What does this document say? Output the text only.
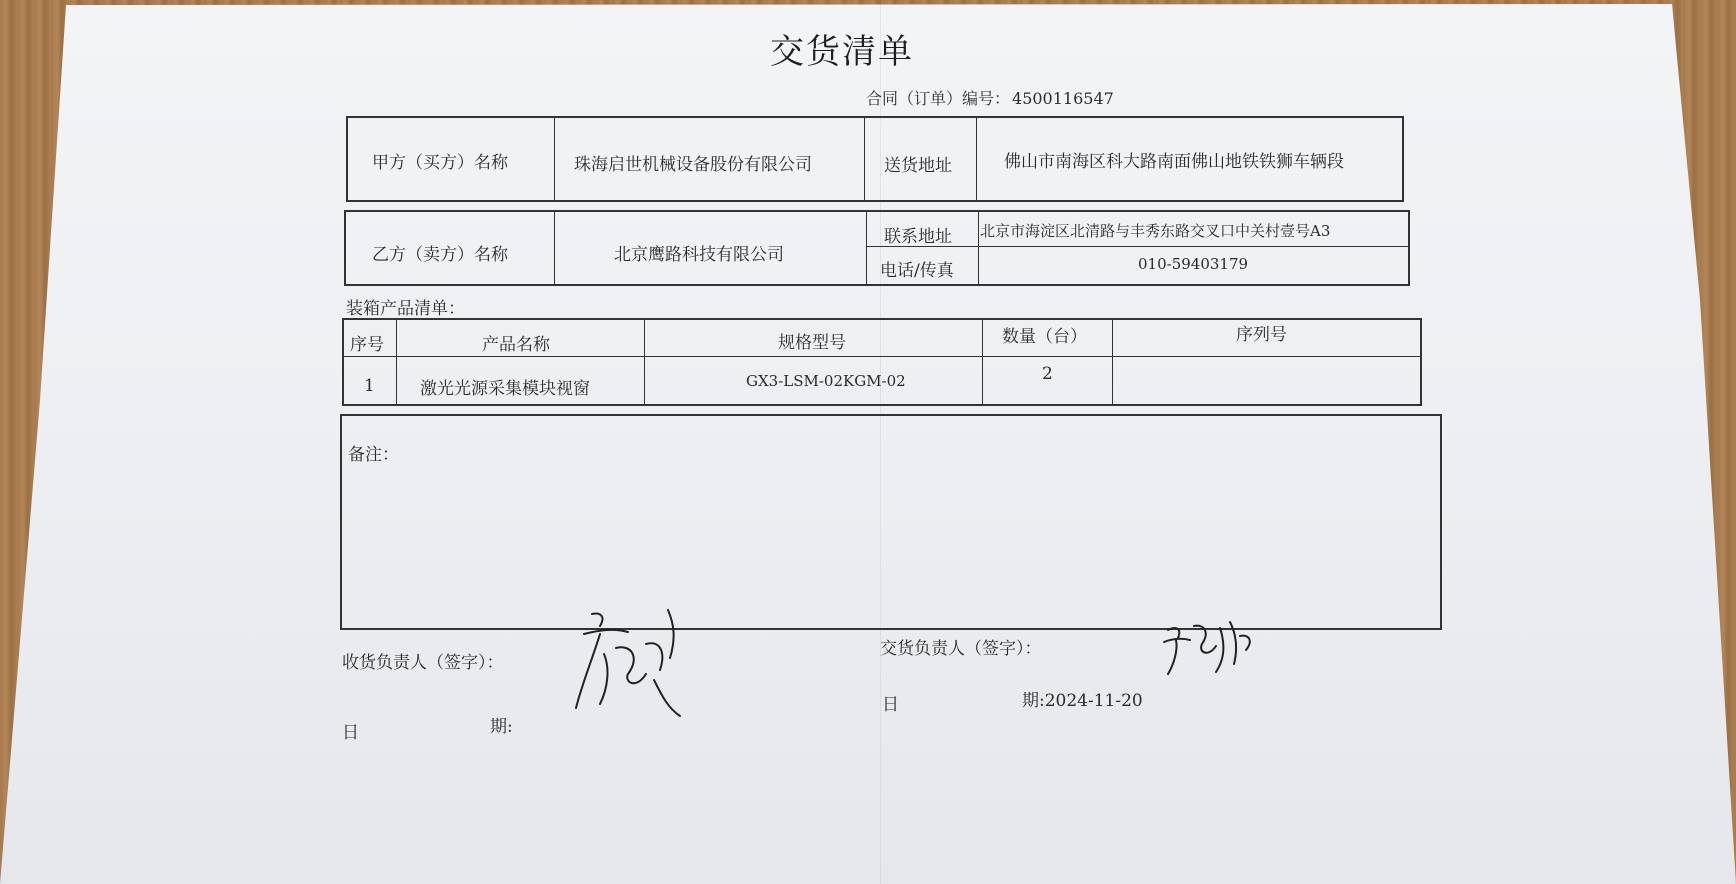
交货清单
合同（订单）编号： 4500116547
甲方（买方）名称	珠海启世机械设备股份有限公司	送货地址	佛山市南海区科大路南面佛山地铁铁狮车辆段
乙方（卖方）名称	北京鹰路科技有限公司
联系地址 北京市海淀区北清路与丰秀东路交叉口中关村壹号A3
电话/传真	010-59403179
装箱产品清单：
序号	产品名称	规格型号	数量（台）	序列号
1	激光光源采集模块视窗	GX3-LSM-02KGM-02	2
备注：
收货负责人（签字）：
日	期:
交货负责人（签字）：
日	期:2024-11-20
